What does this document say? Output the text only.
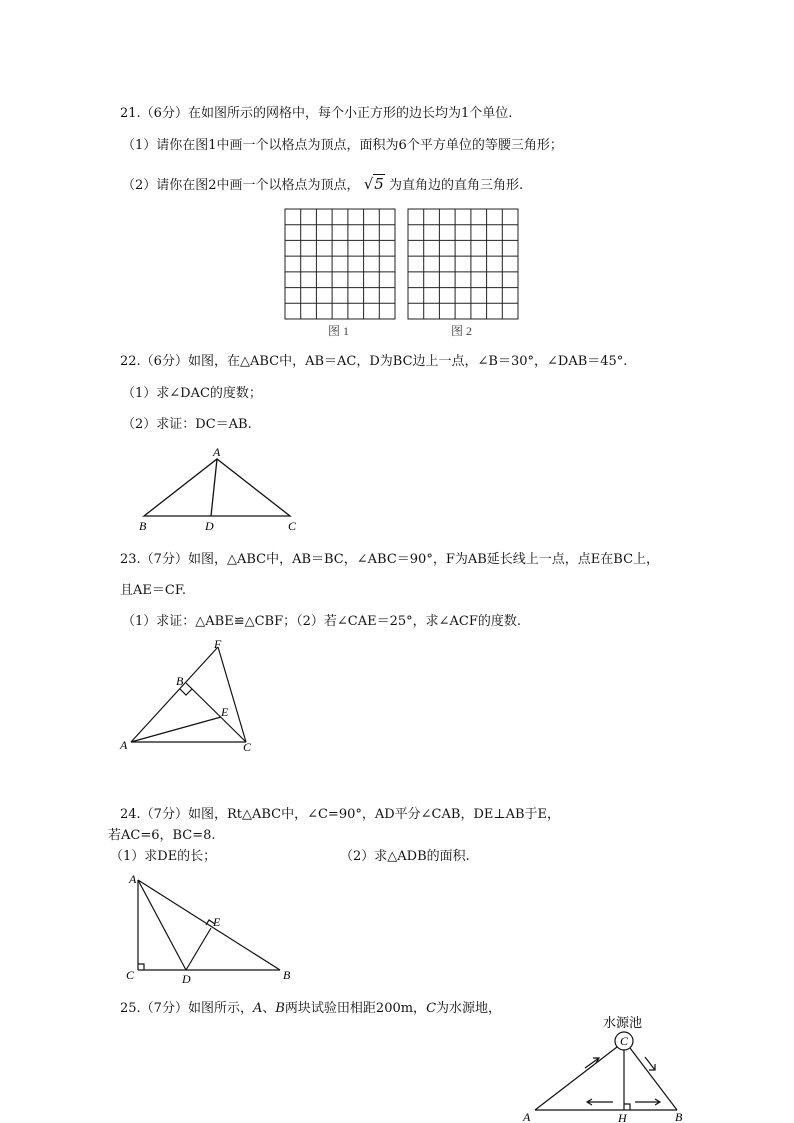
21.（6分）在如图所示的网格中，每个小正方形的边长均为1个单位.
（1）请你在图1中画一个以格点为顶点，面积为6个平方单位的等腰三角形；
（2）请你在图2中画一个以格点为顶点， √5 为直角边的直角三角形.
图 1	图 2
22.（6分）如图，在△ABC中，AB＝AC，D为BC边上一点，∠B＝30°，∠DAB＝45°.
（1）求∠DAC的度数；
（2）求证：DC＝AB.
A
B	D	C
23.（7分）如图，△ABC中，AB＝BC，∠ABC＝90°，F为AB延长线上一点，点E在BC上，
且AE＝CF.
（1）求证：△ABE≌△CBF；（2）若∠CAE＝25°，求∠ACF的度数.
F
B
E
A	C
24.（7分）如图，Rt△ABC中，∠C=90°，AD平分∠CAB，DE⊥AB于E，
若AC=6，BC=8.
（1）求DE的长；	（2）求△ADB的面积.
A
E
C	D	B
25.（7分）如图所示，A、B两块试验田相距200m，C为水源地，
水源池
C
A	H	B
